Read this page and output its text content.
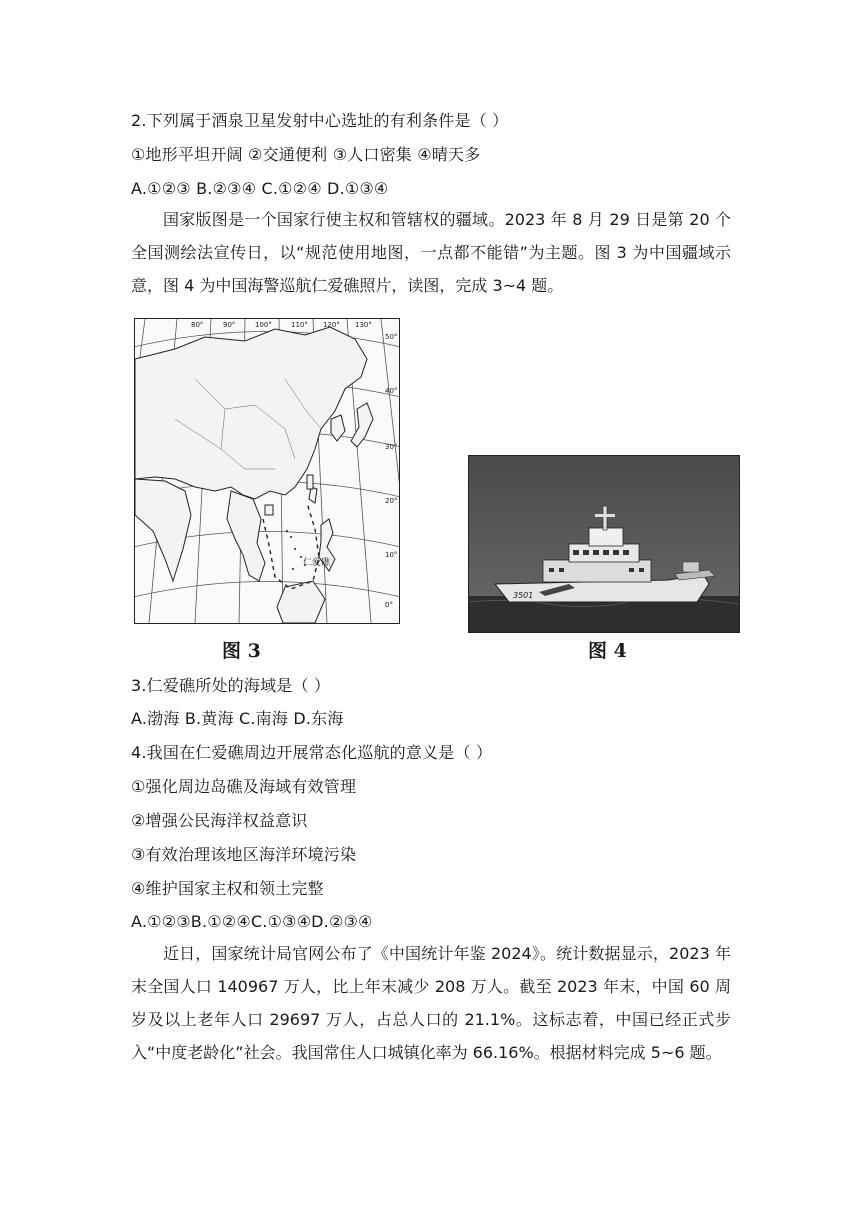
2.下列属于酒泉卫星发射中心选址的有利条件是（ ）
①地形平坦开阔 ②交通便利 ③人口密集 ④晴天多
A.①②③ B.②③④ C.①②④ D.①③④

国家版图是一个国家行使主权和管辖权的疆域。2023 年 8 月 29 日是第 20 个全国测绘法宣传日，以“规范使用地图，一点都不能错”为主题。图 3 为中国疆域示意，图 4 为中国海警巡航仁爱礁照片，读图，完成 3~4 题。

80°	90°	100°	110° 120° 130°
50°
40°
30°
20°
10°
0°
仁爱礁
图 3
3501
图 4
3.仁爱礁所处的海域是（ ）
A.渤海 B.黄海 C.南海 D.东海
4.我国在仁爱礁周边开展常态化巡航的意义是（ ）
①强化周边岛礁及海域有效管理
②增强公民海洋权益意识
③有效治理该地区海洋环境污染
④维护国家主权和领土完整
A.①②③B.①②④C.①③④D.②③④

近日，国家统计局官网公布了《中国统计年鉴 2024》。统计数据显示，2023 年末全国人口 140967 万人，比上年末减少 208 万人。截至 2023 年末，中国 60 周岁及以上老年人口 29697 万人，占总人口的 21.1%。这标志着，中国已经正式步入“中度老龄化”社会。我国常住人口城镇化率为 66.16%。根据材料完成 5~6 题。
